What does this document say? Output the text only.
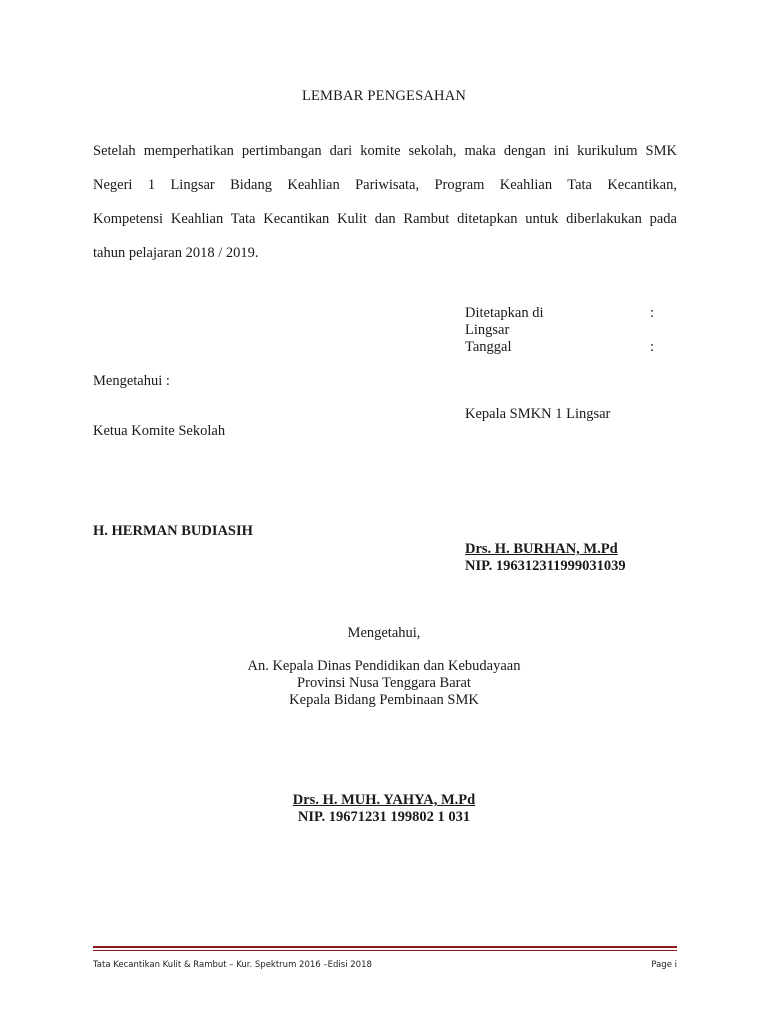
LEMBAR PENGESAHAN
Setelah memperhatikan pertimbangan dari komite sekolah, maka dengan ini kurikulum SMK
Negeri 1 Lingsar Bidang Keahlian Pariwisata, Program Keahlian Tata Kecantikan,
Kompetensi Keahlian Tata Kecantikan Kulit dan Rambut ditetapkan untuk diberlakukan pada
tahun pelajaran 2018 / 2019.
Ditetapkan di	:
Lingsar
Tanggal	:
Mengetahui :
Kepala SMKN 1 Lingsar
Ketua Komite Sekolah
H. HERMAN BUDIASIH
Drs. H. BURHAN, M.Pd
NIP. 196312311999031039
Mengetahui,
An. Kepala Dinas Pendidikan dan Kebudayaan
Provinsi Nusa Tenggara Barat
Kepala Bidang Pembinaan SMK
Drs. H. MUH. YAHYA, M.Pd
NIP. 19671231 199802 1 031
Tata Kecantikan Kulit & Rambut – Kur. Spektrum 2016 –Edisi 2018	Page i
